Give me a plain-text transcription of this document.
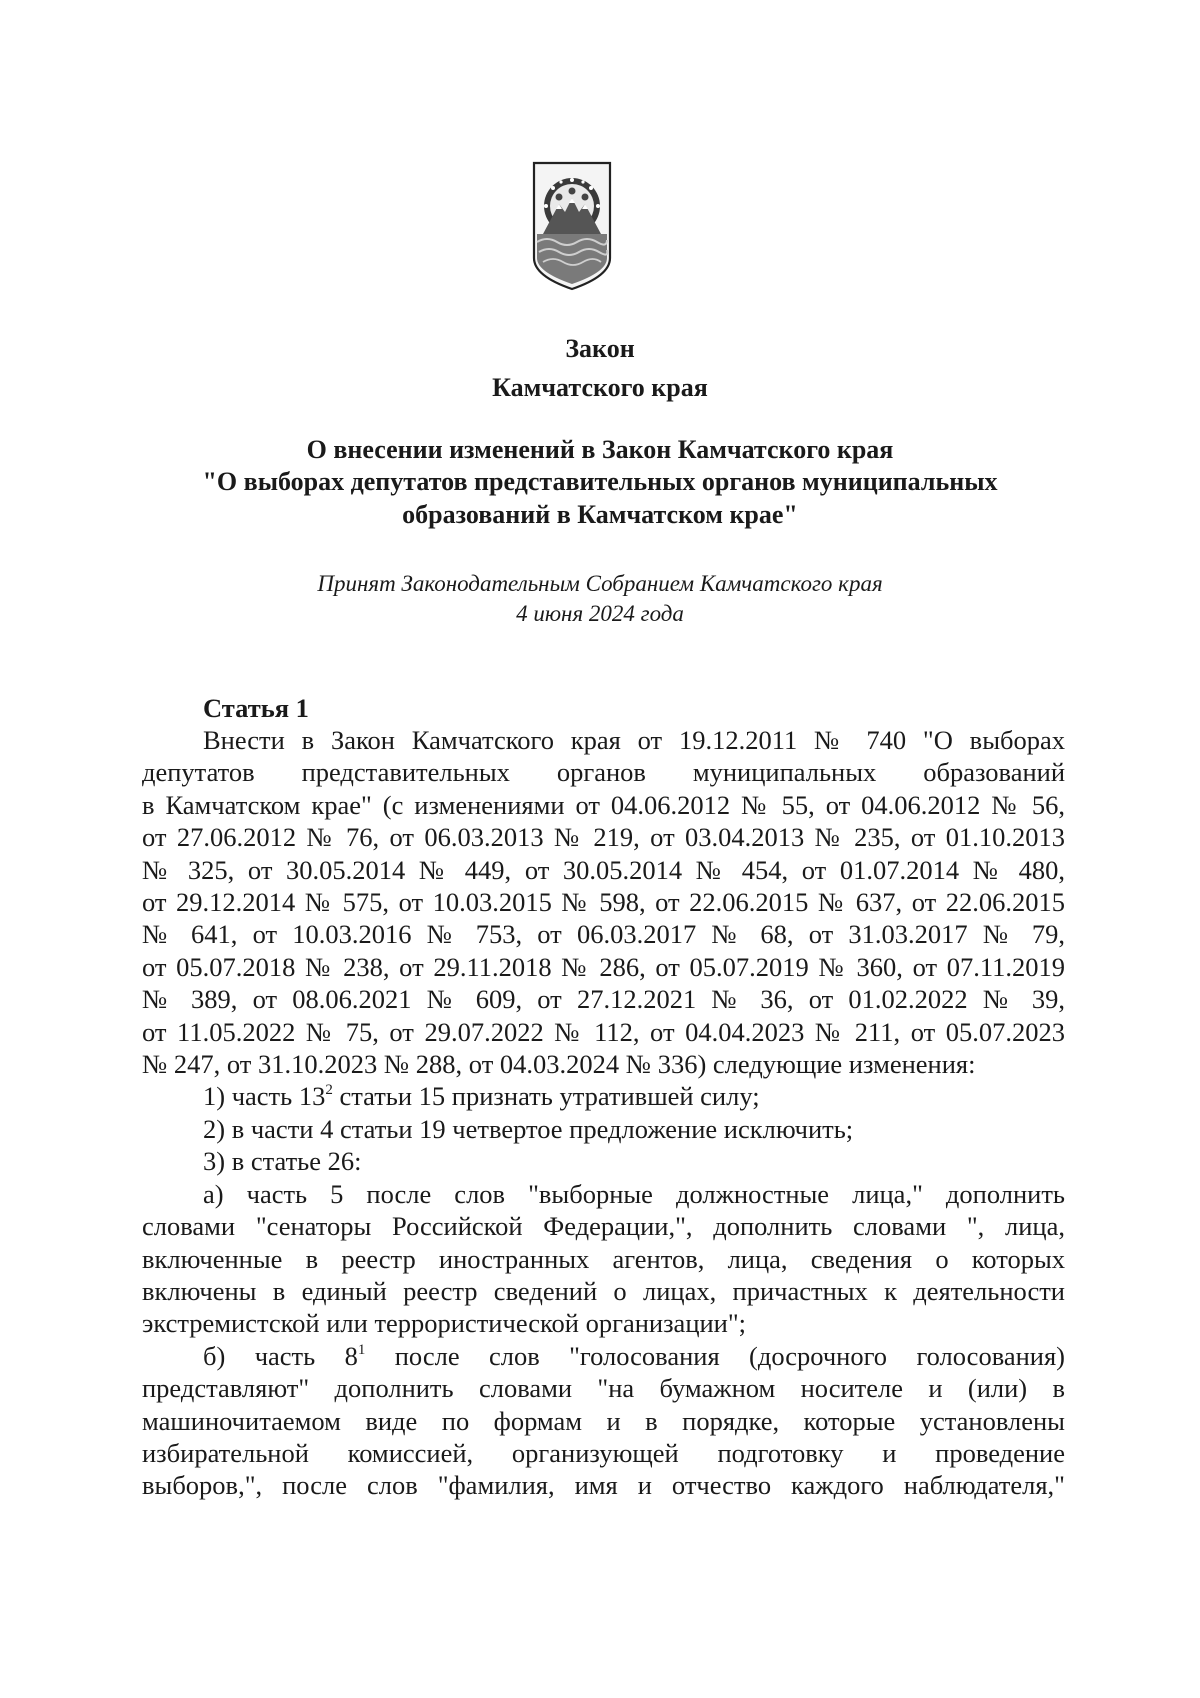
Закон
Камчатского края
О внесении изменений в Закон Камчатского края
"О выборах депутатов представительных органов муниципальных
образований в Камчатском крае"
Принят Законодательным Собранием Камчатского края
4 июня 2024 года
Статья 1
Внести в Закон Камчатского края от 19.12.2011 № 740 "О выборах
депутатов представительных органов муниципальных образований
в Камчатском крае" (с изменениями от 04.06.2012 № 55, от 04.06.2012 № 56,
от 27.06.2012 № 76, от 06.03.2013 № 219, от 03.04.2013 № 235, от 01.10.2013
№ 325, от 30.05.2014 № 449, от 30.05.2014 № 454, от 01.07.2014 № 480,
от 29.12.2014 № 575, от 10.03.2015 № 598, от 22.06.2015 № 637, от 22.06.2015
№ 641, от 10.03.2016 № 753, от 06.03.2017 № 68, от 31.03.2017 № 79,
от 05.07.2018 № 238, от 29.11.2018 № 286, от 05.07.2019 № 360, от 07.11.2019
№ 389, от 08.06.2021 № 609, от 27.12.2021 № 36, от 01.02.2022 № 39,
от 11.05.2022 № 75, от 29.07.2022 № 112, от 04.04.2023 № 211, от 05.07.2023
№ 247, от 31.10.2023 № 288, от 04.03.2024 № 336) следующие изменения:
1) часть $13^2$ статьи 15 признать утратившей силу;
2) в части 4 статьи 19 четвертое предложение исключить;
3) в статье 26:
а) часть 5 после слов "выборные должностные лица," дополнить
словами "сенаторы Российской Федерации,", дополнить словами ", лица,
включенные в реестр иностранных агентов, лица, сведения о которых
включены в единый реестр сведений о лицах, причастных к деятельности
экстремистской или террористической организации";
б) часть $8^1$ после слов "голосования (досрочного голосования)
представляют" дополнить словами "на бумажном носителе и (или) в
машиночитаемом виде по формам и в порядке, которые установлены
избирательной комиссией, организующей подготовку и проведение
выборов,", после слов "фамилия, имя и отчество каждого наблюдателя,"
